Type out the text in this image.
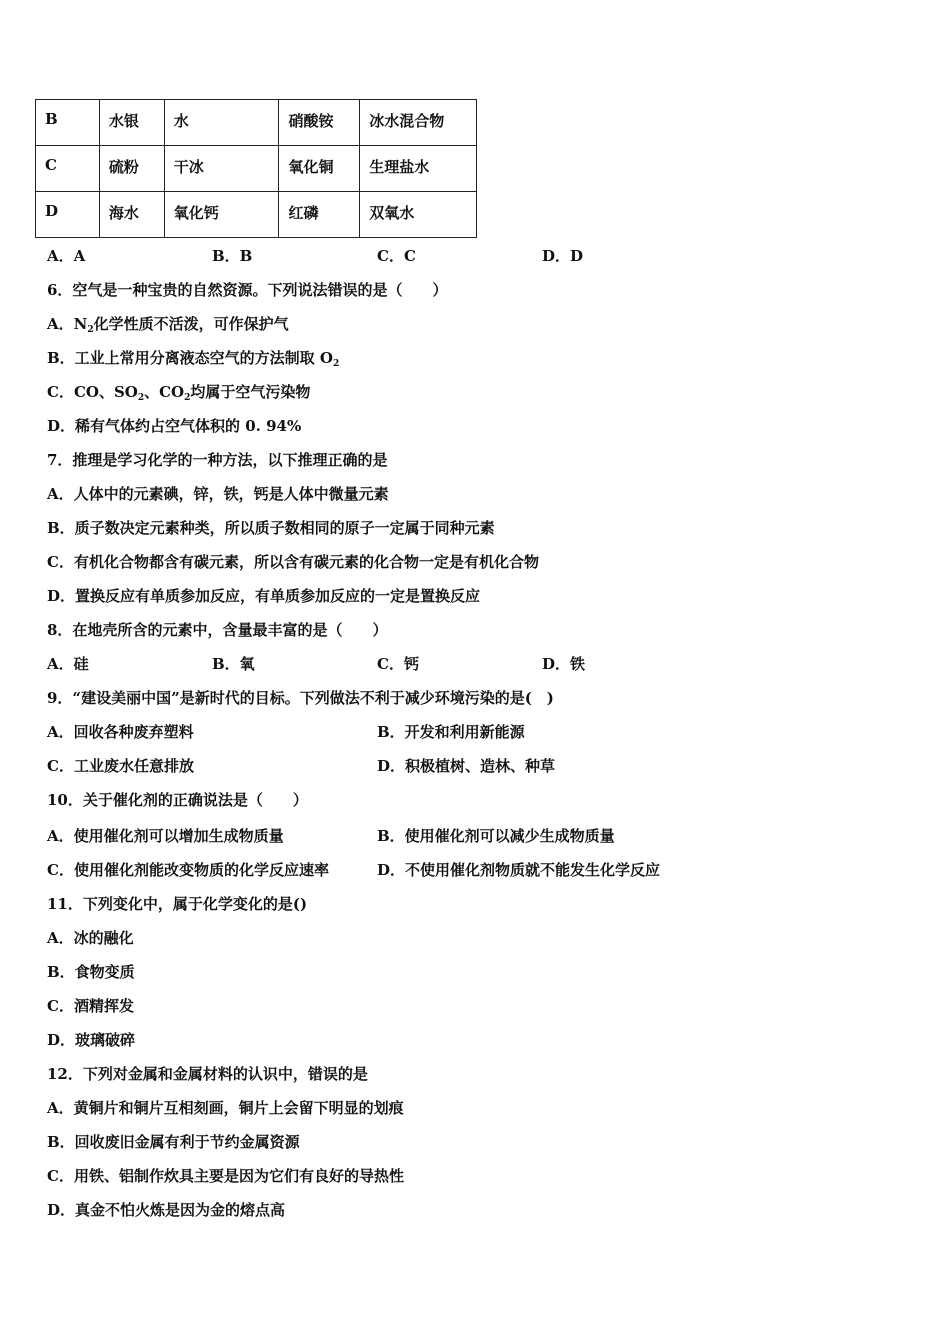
B	水银	水	硝酸铵	冰水混合物
C	硫粉	干冰	氧化铜	生理盐水
D	海水	氧化钙	红磷	双氧水
A．A	B．B	C．C	D．D
6．空气是一种宝贵的自然资源。下列说法错误的是（　　）
A．$N_2$化学性质不活泼，可作保护气
B．工业上常用分离液态空气的方法制取 $O_2$
C．CO、$SO_2$、$CO_2$均属于空气污染物
D．稀有气体约占空气体积的 0. 94%
7．推理是学习化学的一种方法，以下推理正确的是
A．人体中的元素碘，锌，铁，钙是人体中微量元素
B．质子数决定元素种类，所以质子数相同的原子一定属于同种元素
C．有机化合物都含有碳元素，所以含有碳元素的化合物一定是有机化合物
D．置换反应有单质参加反应，有单质参加反应的一定是置换反应
8．在地壳所含的元素中，含量最丰富的是（　　）
A．硅	B．氧	C．钙	D．铁
9．“建设美丽中国”是新时代的目标。下列做法不利于减少环境污染的是(　)
A．回收各种废弃塑料	B．开发和利用新能源
C．工业废水任意排放	D．积极植树、造林、种草
10．关于催化剂的正确说法是（　　）
A．使用催化剂可以增加生成物质量	B．使用催化剂可以减少生成物质量
C．使用催化剂能改变物质的化学反应速率	D．不使用催化剂物质就不能发生化学反应
11．下列变化中，属于化学变化的是()
A．冰的融化
B．食物变质
C．酒精挥发
D．玻璃破碎
12．下列对金属和金属材料的认识中，错误的是
A．黄铜片和铜片互相刻画，铜片上会留下明显的划痕
B．回收废旧金属有利于节约金属资源
C．用铁、铝制作炊具主要是因为它们有良好的导热性
D．真金不怕火炼是因为金的熔点高
